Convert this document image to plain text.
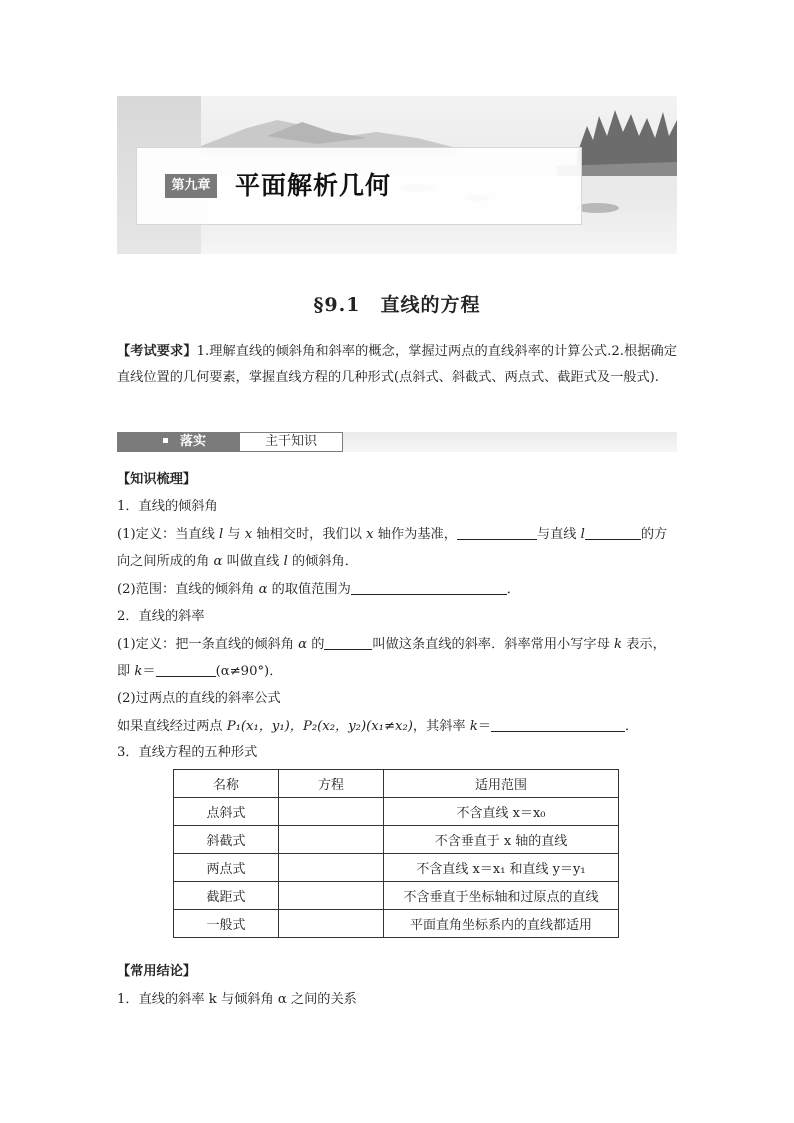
第九章 平面解析几何
§9.1 直线的方程
【考试要求】1.理解直线的倾斜角和斜率的概念，掌握过两点的直线斜率的计算公式.2.根据确定直线位置的几何要素，掌握直线方程的几种形式(点斜式、斜截式、两点式、截距式及一般式).
落实	主干知识
【知识梳理】
1．直线的倾斜角
(1)定义：当直线 l 与 x 轴相交时，我们以 x 轴作为基准，	与直线 l	的方
向之间所成的角 α 叫做直线 l 的倾斜角．
(2)范围：直线的倾斜角 α 的取值范围为	．
2．直线的斜率
(1)定义：把一条直线的倾斜角 α 的	叫做这条直线的斜率．斜率常用小写字母 k 表示，
即 k＝	(α≠90°)．
(2)过两点的直线的斜率公式
如果直线经过两点 P₁(x₁，y₁)，P₂(x₂，y₂)(x₁≠x₂)，其斜率 k＝	．
3．直线方程的五种形式
名称	方程	适用范围
点斜式		不含直线 x＝x₀
斜截式		不含垂直于 x 轴的直线
两点式		不含直线 x＝x₁ 和直线 y＝y₁
截距式		不含垂直于坐标轴和过原点的直线
一般式		平面直角坐标系内的直线都适用
【常用结论】
1．直线的斜率 k 与倾斜角 α 之间的关系
